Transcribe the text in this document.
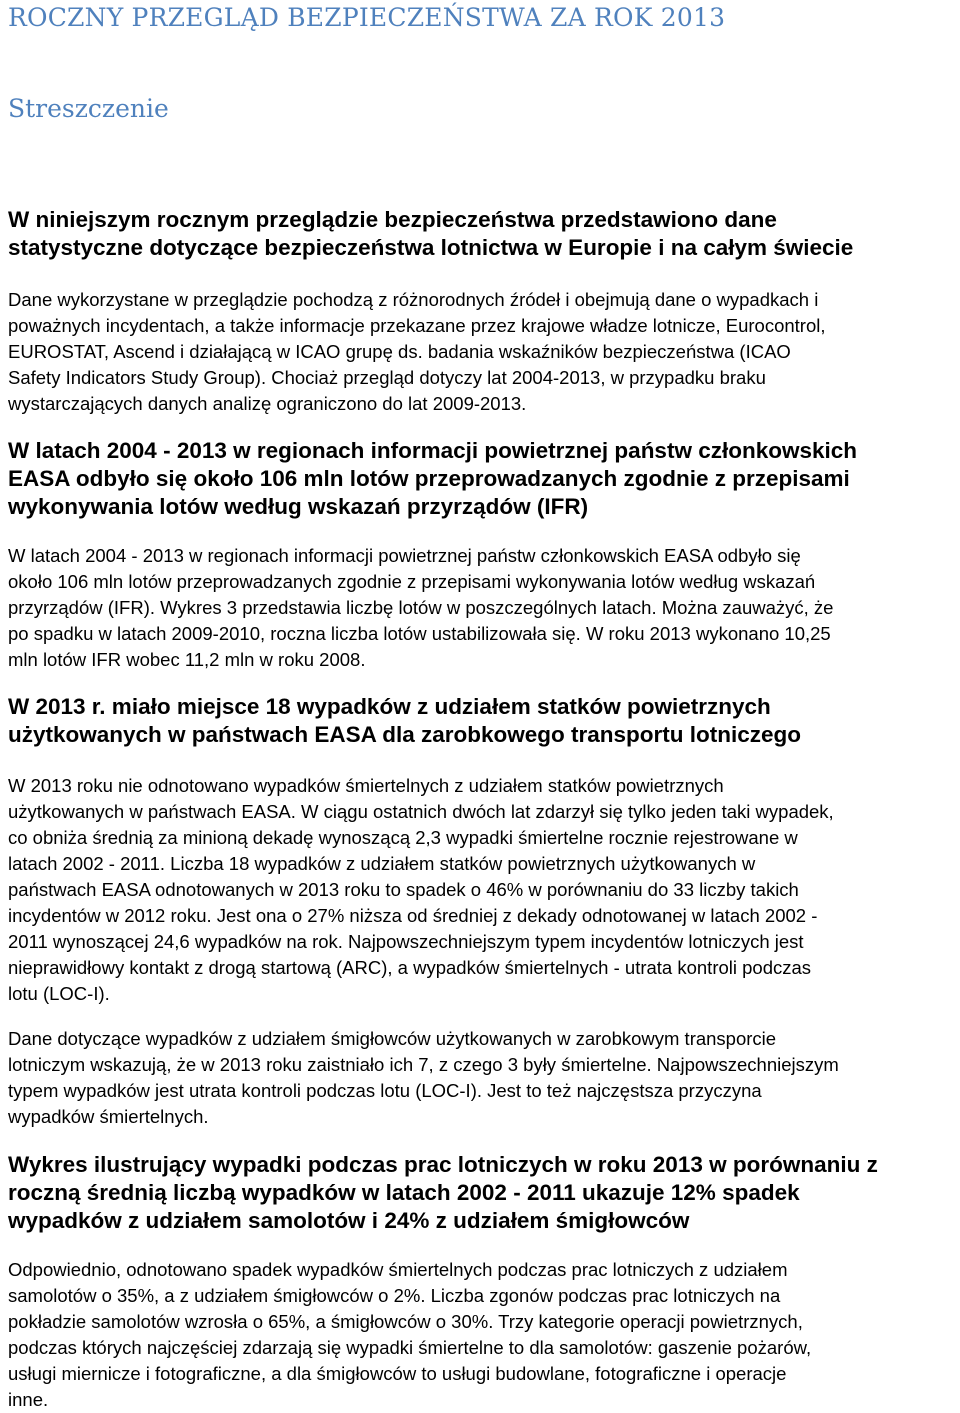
ROCZNY PRZEGLĄD BEZPIECZEŃSTWA ZA ROK 2013
Streszczenie
W niniejszym rocznym przeglądzie bezpieczeństwa przedstawiono dane
statystyczne dotyczące bezpieczeństwa lotnictwa w Europie i na całym świecie

Dane wykorzystane w przeglądzie pochodzą z różnorodnych źródeł i obejmują dane o wypadkach i
poważnych incydentach, a także informacje przekazane przez krajowe władze lotnicze, Eurocontrol,
EUROSTAT, Ascend i działającą w ICAO grupę ds. badania wskaźników bezpieczeństwa (ICAO
Safety Indicators Study Group). Chociaż przegląd dotyczy lat 2004-2013, w przypadku braku
wystarczających danych analizę ograniczono do lat 2009-2013.

W latach 2004 - 2013 w regionach informacji powietrznej państw członkowskich
EASA odbyło się około 106 mln lotów przeprowadzanych zgodnie z przepisami
wykonywania lotów według wskazań przyrządów (IFR)

W latach 2004 - 2013 w regionach informacji powietrznej państw członkowskich EASA odbyło się
około 106 mln lotów przeprowadzanych zgodnie z przepisami wykonywania lotów według wskazań
przyrządów (IFR). Wykres 3 przedstawia liczbę lotów w poszczególnych latach. Można zauważyć, że
po spadku w latach 2009-2010, roczna liczba lotów ustabilizowała się. W roku 2013 wykonano 10,25
mln lotów IFR wobec 11,2 mln w roku 2008.

W 2013 r. miało miejsce 18 wypadków z udziałem statków powietrznych
użytkowanych w państwach EASA dla zarobkowego transportu lotniczego

W 2013 roku nie odnotowano wypadków śmiertelnych z udziałem statków powietrznych
użytkowanych w państwach EASA. W ciągu ostatnich dwóch lat zdarzył się tylko jeden taki wypadek,
co obniża średnią za minioną dekadę wynoszącą 2,3 wypadki śmiertelne rocznie rejestrowane w
latach 2002 - 2011. Liczba 18 wypadków z udziałem statków powietrznych użytkowanych w
państwach EASA odnotowanych w 2013 roku to spadek o 46% w porównaniu do 33 liczby takich
incydentów w 2012 roku. Jest ona o 27% niższa od średniej z dekady odnotowanej w latach 2002 -
2011 wynoszącej 24,6 wypadków na rok. Najpowszechniejszym typem incydentów lotniczych jest
nieprawidłowy kontakt z drogą startową (ARC), a wypadków śmiertelnych - utrata kontroli podczas
lotu (LOC-I).

Dane dotyczące wypadków z udziałem śmigłowców użytkowanych w zarobkowym transporcie
lotniczym wskazują, że w 2013 roku zaistniało ich 7, z czego 3 były śmiertelne. Najpowszechniejszym
typem wypadków jest utrata kontroli podczas lotu (LOC-I). Jest to też najczęstsza przyczyna
wypadków śmiertelnych.

Wykres ilustrujący wypadki podczas prac lotniczych w roku 2013 w porównaniu z
roczną średnią liczbą wypadków w latach 2002 - 2011 ukazuje 12% spadek
wypadków z udziałem samolotów i 24% z udziałem śmigłowców

Odpowiednio, odnotowano spadek wypadków śmiertelnych podczas prac lotniczych z udziałem
samolotów o 35%, a z udziałem śmigłowców o 2%. Liczba zgonów podczas prac lotniczych na
pokładzie samolotów wzrosła o 65%, a śmigłowców o 30%. Trzy kategorie operacji powietrznych,
podczas których najczęściej zdarzają się wypadki śmiertelne to dla samolotów: gaszenie pożarów,
usługi miernicze i fotograficzne, a dla śmigłowców to usługi budowlane, fotograficzne i operacje
inne.
